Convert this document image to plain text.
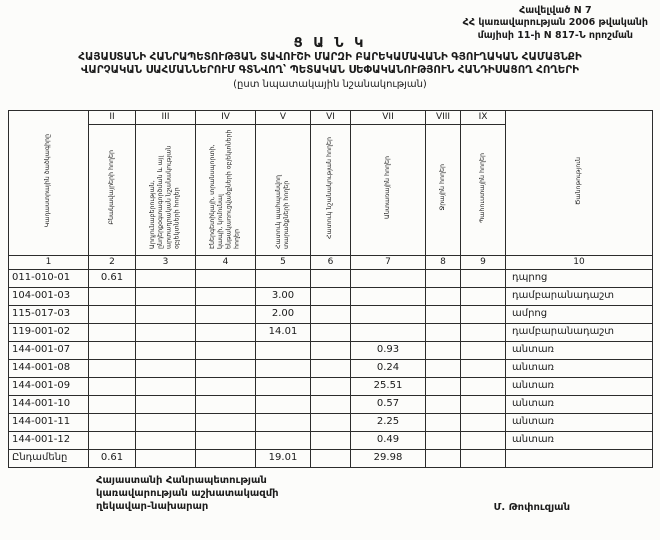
Հավելված N 7
ՀՀ կառավարության 2006 թվականի
մայիսի 11-ի N 817-Ն որոշման
Ց Ա Ն Կ
ՀԱՅԱՍՏԱՆԻ ՀԱՆՐԱՊԵՏՈՒԹՅԱՆ ՏԱՎՈՒՇԻ ՄԱՐԶԻ ԲԱՐԵԿԱՄԱՎԱՆԻ ԳՅՈՒՂԱԿԱՆ ՀԱՄԱՅՆՔԻ
ՎԱՐՉԱԿԱՆ ՍԱՀՄԱՆՆԵՐՈՒՄ ԳՏՆՎՈՂ՝ ՊԵՏԱԿԱՆ ՍԵՓԱԿԱՆՈՒԹՅՈՒՆ ՀԱՆԴԻՍԱՑՈՂ ՀՈՂԵՐԻ
(ըստ նպատակային նշանակության)
Կադաստրային ծածկագիրը	II	III	IV	V	VI	VII	VIII	IX	Ծանոթություն
	Բնակավայրերի հողեր	Արդյունաբերության, ընդերքօգտագործման և այլ արտադրական նշանակության օբյեկտների հողեր	Էներգետիկայի, տրանսպորտի, կապի, կոմունալ ենթակառուցվածքների օբյեկտների հողեր	Հատուկ պահպանվող տարածքների հողեր	Հատուկ նշանակության հողեր	Անտառային հողեր	Ջրային հողեր	Պահուստային հողեր	
1	2	3	4	5	6	7	8	9	10
011-010-01	0.61								դպրոց
104-001-03				3.00					դամբարանադաշտ
115-017-03				2.00					ամրոց
119-001-02				14.01					դամբարանադաշտ
144-001-07						0.93			անտառ
144-001-08						0.24			անտառ
144-001-09						25.51			անտառ
144-001-10						0.57			անտառ
144-001-11						2.25			անտառ
144-001-12						0.49			անտառ
Ընդամենը	0.61			19.01		29.98			
Հայաստանի Հանրապետության
կառավարության աշխատակազմի
ղեկավար-նախարար	Մ. Թոփուզյան
